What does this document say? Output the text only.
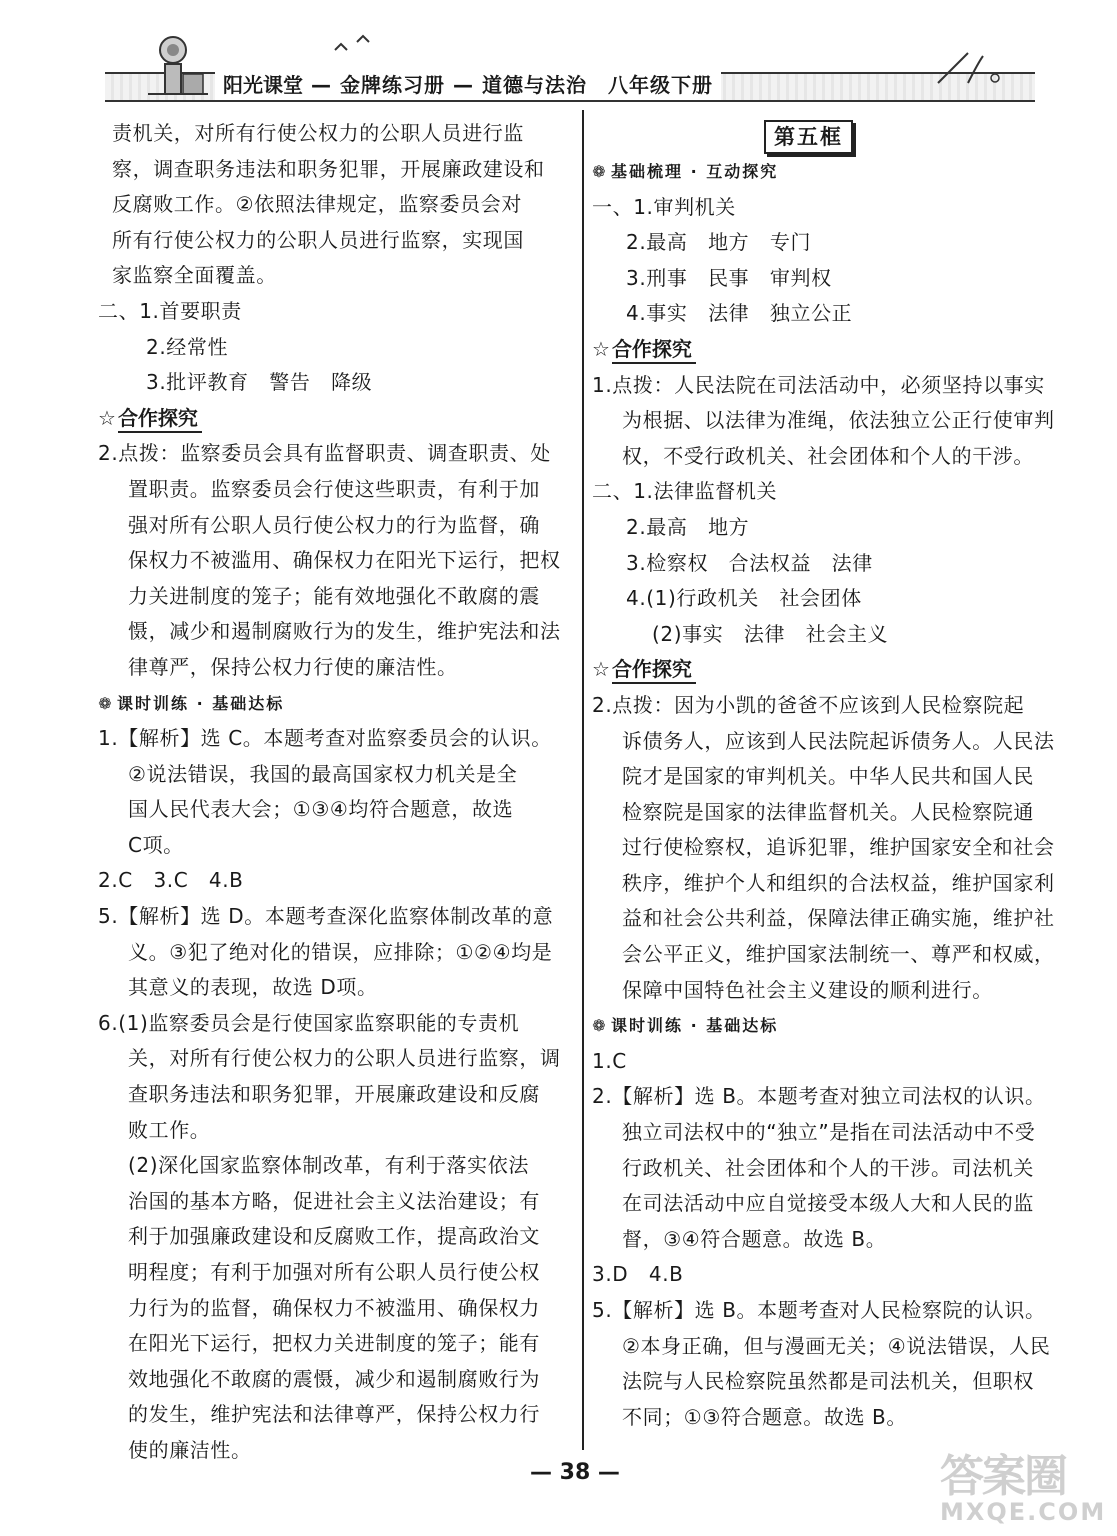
阳光课堂 — 金牌练习册 — 道德与法治　 八年级下册
责机关，对所有行使公权力的公职人员进行监
察，调查职务违法和职务犯罪，开展廉政建设和
反腐败工作。②依照法律规定，监察委员会对
所有行使公权力的公职人员进行监察，实现国
家监察全面覆盖。
二、1.首要职责
2.经常性
3.批评教育　警告　降级
☆ 合作探究
2.点拨：监察委员会具有监督职责、调查职责、处
置职责。监察委员会行使这些职责，有利于加
强对所有公职人员行使公权力的行为监督，确
保权力不被滥用、确保权力在阳光下运行，把权
力关进制度的笼子；能有效地强化不敢腐的震
慑，减少和遏制腐败行为的发生，维护宪法和法
律尊严，保持公权力行使的廉洁性。
❁ 课时训练 · 基础达标
1.【解析】选 C。本题考查对监察委员会的认识。
②说法错误，我国的最高国家权力机关是全
国人民代表大会；①③④均符合题意，故选
C项。
2.C　3.C　4.B
5.【解析】选 D。本题考查深化监察体制改革的意
义。③犯了绝对化的错误，应排除；①②④均是
其意义的表现，故选 D项。
6.(1)监察委员会是行使国家监察职能的专责机
关，对所有行使公权力的公职人员进行监察，调
查职务违法和职务犯罪，开展廉政建设和反腐
败工作。
(2)深化国家监察体制改革，有利于落实依法
治国的基本方略，促进社会主义法治建设；有
利于加强廉政建设和反腐败工作，提高政治文
明程度；有利于加强对所有公职人员行使公权
力行为的监督，确保权力不被滥用、确保权力
在阳光下运行，把权力关进制度的笼子；能有
效地强化不敢腐的震慑，减少和遏制腐败行为
的发生，维护宪法和法律尊严，保持公权力行
使的廉洁性。
第五框
❁ 基础梳理 · 互动探究
一、1.审判机关
2.最高　地方　专门
3.刑事　民事　审判权
4.事实　法律　独立公正
☆ 合作探究
1.点拨：人民法院在司法活动中，必须坚持以事实
为根据、以法律为准绳，依法独立公正行使审判
权，不受行政机关、社会团体和个人的干涉。
二、1.法律监督机关
2.最高　地方
3.检察权　合法权益　法律
4.(1)行政机关　社会团体
(2)事实　法律　社会主义
☆ 合作探究
2.点拨：因为小凯的爸爸不应该到人民检察院起
诉债务人，应该到人民法院起诉债务人。人民法
院才是国家的审判机关。中华人民共和国人民
检察院是国家的法律监督机关。人民检察院通
过行使检察权，追诉犯罪，维护国家安全和社会
秩序，维护个人和组织的合法权益，维护国家利
益和社会公共利益，保障法律正确实施，维护社
会公平正义，维护国家法制统一、尊严和权威，
保障中国特色社会主义建设的顺利进行。
❁ 课时训练 · 基础达标
1.C
2.【解析】选 B。本题考查对独立司法权的认识。
独立司法权中的“独立”是指在司法活动中不受
行政机关、社会团体和个人的干涉。司法机关
在司法活动中应自觉接受本级人大和人民的监
督，③④符合题意。故选 B。
3.D　4.B
5.【解析】选 B。本题考查对人民检察院的认识。
②本身正确，但与漫画无关；④说法错误，人民
法院与人民检察院虽然都是司法机关，但职权
不同；①③符合题意。故选 B。
— 38 —	答案圈
MXQE.COM
